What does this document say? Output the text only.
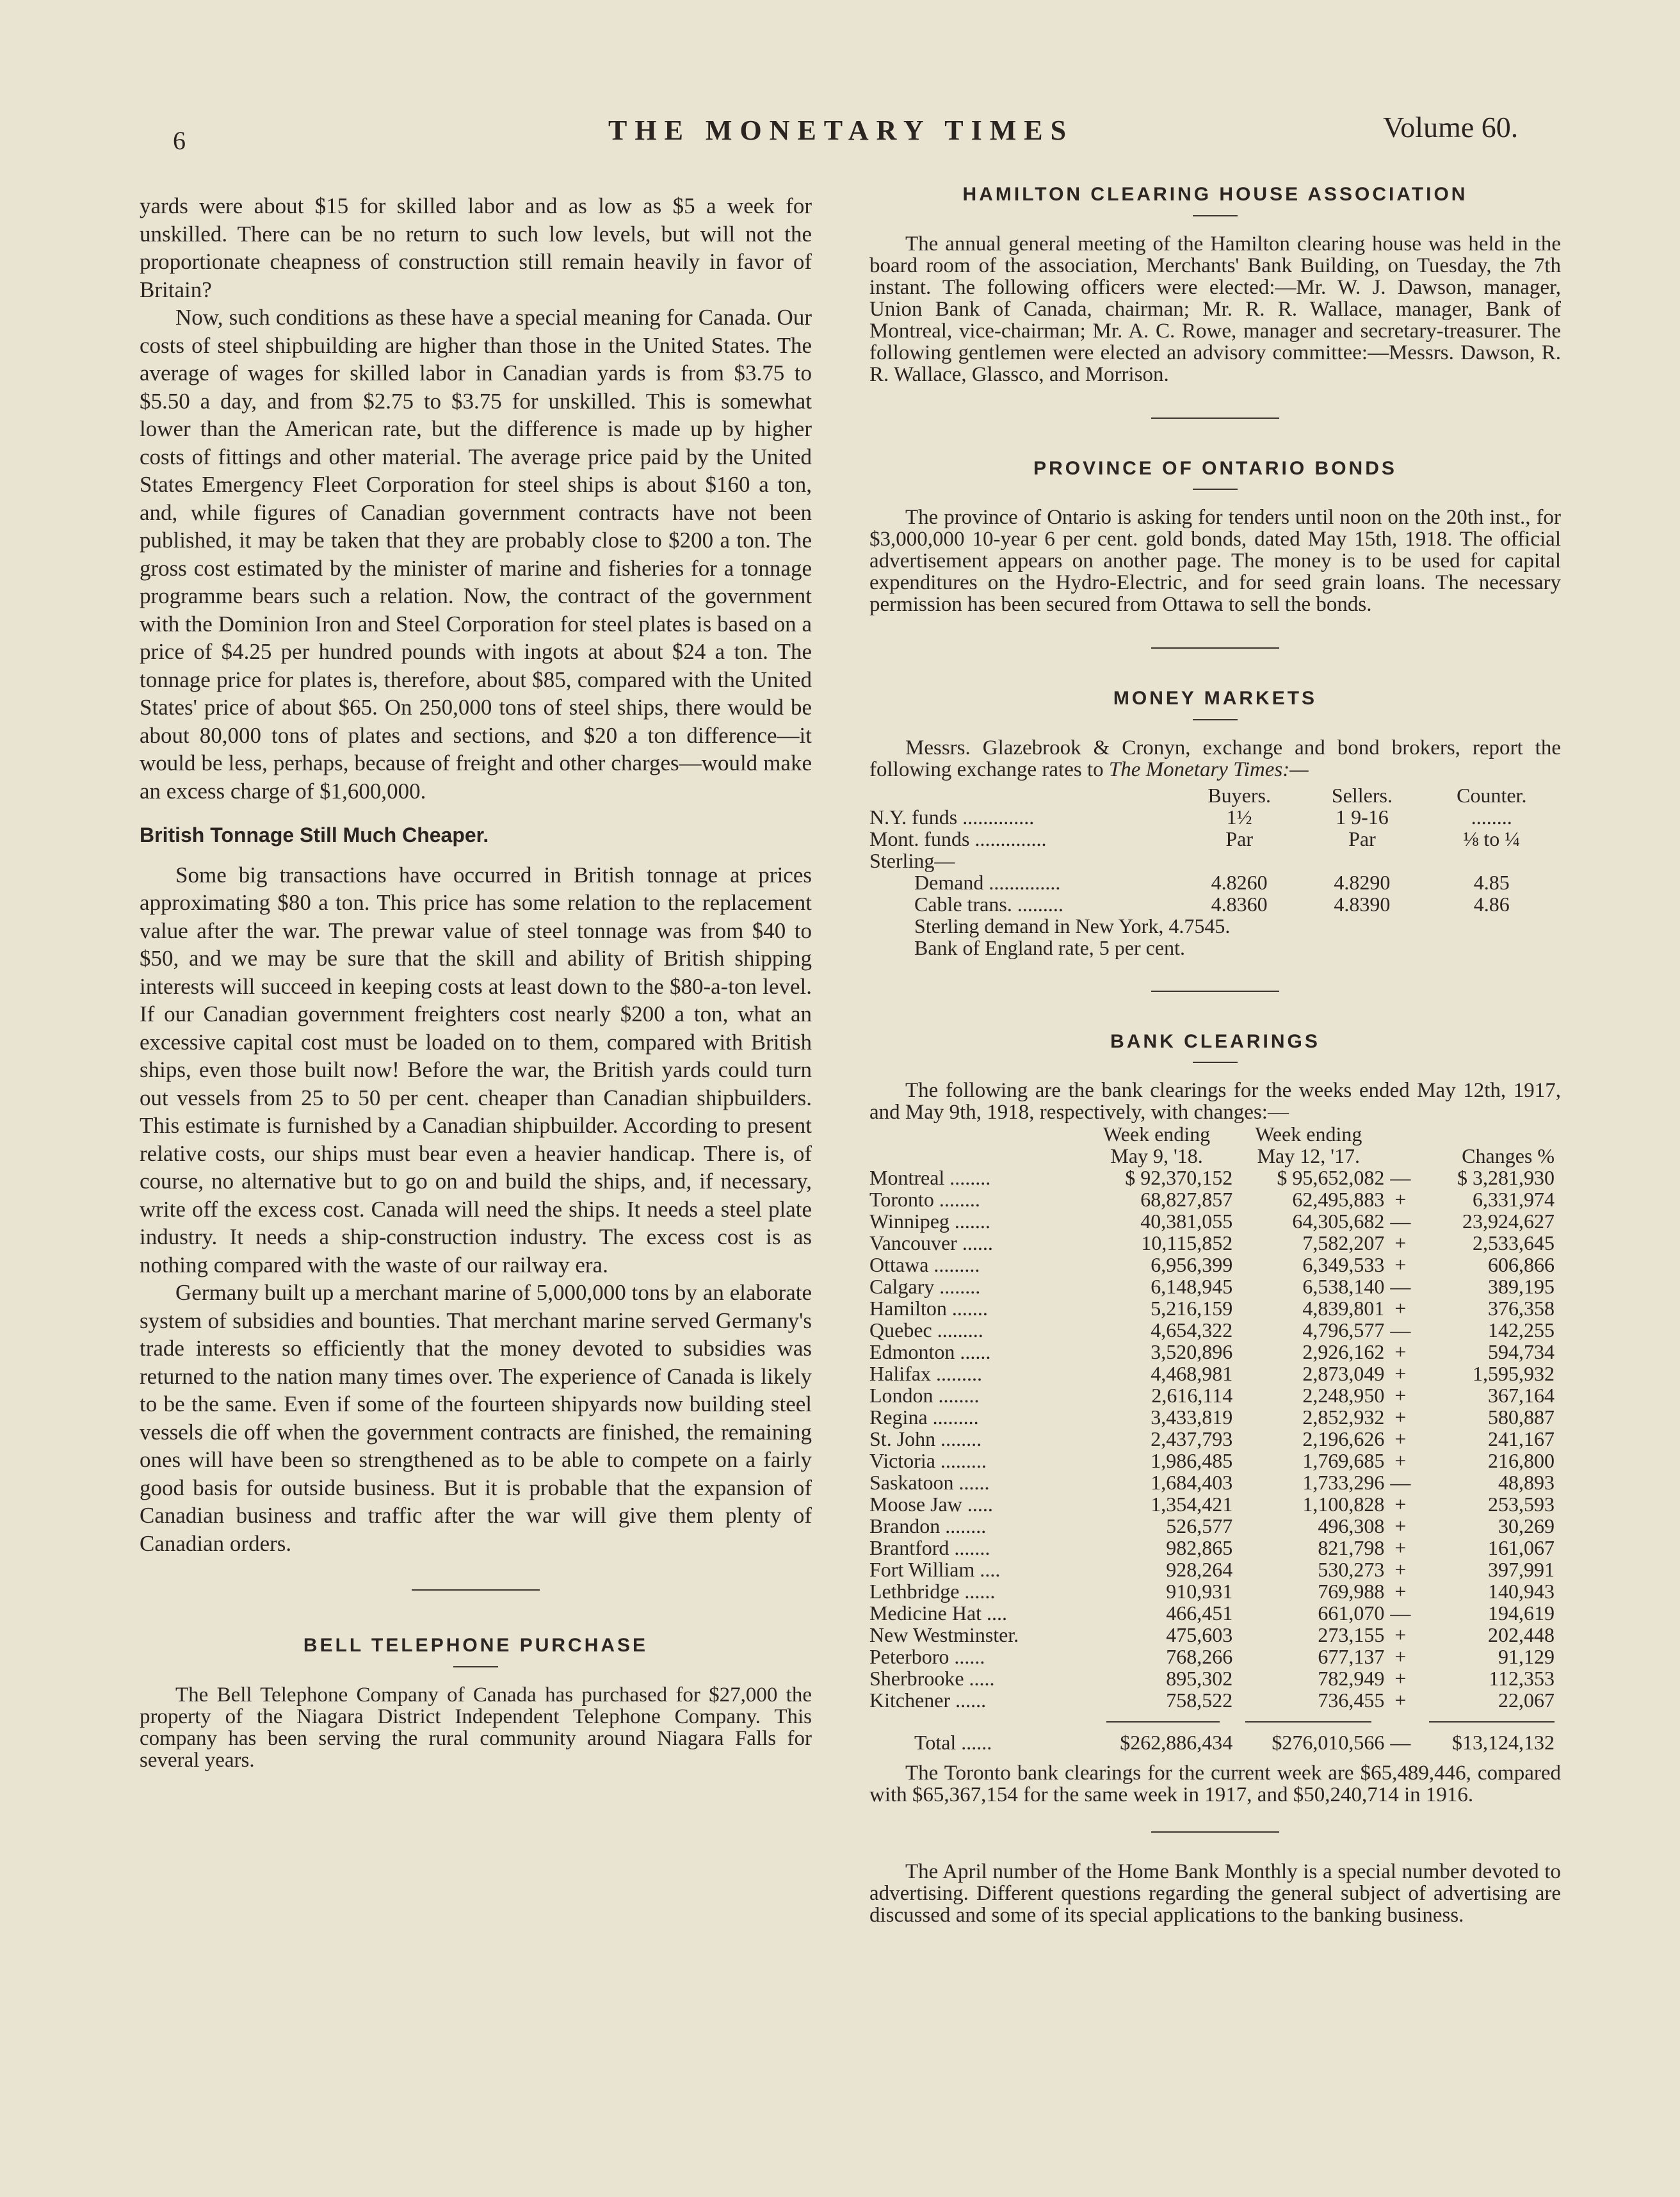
6	THE MONETARY TIMES	Volume 60.

yards were about $15 for skilled labor and as low as $5 a week for unskilled. There can be no return to such low levels, but will not the proportionate cheapness of construction still remain heavily in favor of Britain?

Now, such conditions as these have a special meaning for Canada. Our costs of steel shipbuilding are higher than those in the United States. The average of wages for skilled labor in Canadian yards is from $3.75 to $5.50 a day, and from $2.75 to $3.75 for unskilled. This is somewhat lower than the American rate, but the difference is made up by higher costs of fittings and other material. The average price paid by the United States Emergency Fleet Corporation for steel ships is about $160 a ton, and, while figures of Canadian government contracts have not been published, it may be taken that they are probably close to $200 a ton. The gross cost estimated by the minister of marine and fisheries for a tonnage programme bears such a relation. Now, the contract of the government with the Dominion Iron and Steel Corporation for steel plates is based on a price of $4.25 per hundred pounds with ingots at about $24 a ton. The tonnage price for plates is, therefore, about $85, compared with the United States' price of about $65. On 250,000 tons of steel ships, there would be about 80,000 tons of plates and sections, and $20 a ton difference—it would be less, perhaps, because of freight and other charges—would make an excess charge of $1,600,000.

British Tonnage Still Much Cheaper.

Some big transactions have occurred in British tonnage at prices approximating $80 a ton. This price has some relation to the replacement value after the war. The prewar value of steel tonnage was from $40 to $50, and we may be sure that the skill and ability of British shipping interests will succeed in keeping costs at least down to the $80-a-ton level. If our Canadian government freighters cost nearly $200 a ton, what an excessive capital cost must be loaded on to them, compared with British ships, even those built now! Before the war, the British yards could turn out vessels from 25 to 50 per cent. cheaper than Canadian shipbuilders. This estimate is furnished by a Canadian shipbuilder. According to present relative costs, our ships must bear even a heavier handicap. There is, of course, no alternative but to go on and build the ships, and, if necessary, write off the excess cost. Canada will need the ships. It needs a steel plate industry. It needs a ship-construction industry. The excess cost is as nothing compared with the waste of our railway era.

Germany built up a merchant marine of 5,000,000 tons by an elaborate system of subsidies and bounties. That merchant marine served Germany's trade interests so efficiently that the money devoted to subsidies was returned to the nation many times over. The experience of Canada is likely to be the same. Even if some of the fourteen shipyards now building steel vessels die off when the government contracts are finished, the remaining ones will have been so strengthened as to be able to compete on a fairly good basis for outside business. But it is probable that the expansion of Canadian business and traffic after the war will give them plenty of Canadian orders.

BELL TELEPHONE PURCHASE

The Bell Telephone Company of Canada has purchased for $27,000 the property of the Niagara District Independent Telephone Company. This company has been serving the rural community around Niagara Falls for several years.

HAMILTON CLEARING HOUSE ASSOCIATION

The annual general meeting of the Hamilton clearing house was held in the board room of the association, Merchants' Bank Building, on Tuesday, the 7th instant. The following officers were elected:—Mr. W. J. Dawson, manager, Union Bank of Canada, chairman; Mr. R. R. Wallace, manager, Bank of Montreal, vice-chairman; Mr. A. C. Rowe, manager and secretary-treasurer. The following gentlemen were elected an advisory committee:—Messrs. Dawson, R. R. Wallace, Glassco, and Morrison.

PROVINCE OF ONTARIO BONDS

The province of Ontario is asking for tenders until noon on the 20th inst., for $3,000,000 10-year 6 per cent. gold bonds, dated May 15th, 1918. The official advertisement appears on another page. The money is to be used for capital expenditures on the Hydro-Electric, and for seed grain loans. The necessary permission has been secured from Ottawa to sell the bonds.

MONEY MARKETS

Messrs. Glazebrook & Cronyn, exchange and bond brokers, report the following exchange rates to The Monetary Times:—

	Buyers.	Sellers.	Counter.
N.Y. funds ..............	1½	1 9-16	........
Mont. funds ..............	Par	Par	⅛ to ¼
Sterling—			
Demand ..............	4.8260	4.8290	4.85
Cable trans. .........	4.8360	4.8390	4.86
Sterling demand in New York, 4.7545.			
Bank of England rate, 5 per cent.			
BANK CLEARINGS

The following are the bank clearings for the weeks ended May 12th, 1917, and May 9th, 1918, respectively, with changes:—

	Week ending	Week ending		
	May 9, '18.	May 12, '17.	Changes %	
Montreal ........	$ 92,370,152	$ 95,652,082	—	$ 3,281,930
Toronto ........	68,827,857	62,495,883	+	6,331,974
Winnipeg .......	40,381,055	64,305,682	—	23,924,627
Vancouver ......	10,115,852	7,582,207	+	2,533,645
Ottawa .........	6,956,399	6,349,533	+	606,866
Calgary ........	6,148,945	6,538,140	—	389,195
Hamilton .......	5,216,159	4,839,801	+	376,358
Quebec .........	4,654,322	4,796,577	—	142,255
Edmonton ......	3,520,896	2,926,162	+	594,734
Halifax .........	4,468,981	2,873,049	+	1,595,932
London ........	2,616,114	2,248,950	+	367,164
Regina .........	3,433,819	2,852,932	+	580,887
St. John ........	2,437,793	2,196,626	+	241,167
Victoria .........	1,986,485	1,769,685	+	216,800
Saskatoon ......	1,684,403	1,733,296	—	48,893
Moose Jaw .....	1,354,421	1,100,828	+	253,593
Brandon ........	526,577	496,308	+	30,269
Brantford .......	982,865	821,798	+	161,067
Fort William ....	928,264	530,273	+	397,991
Lethbridge ......	910,931	769,988	+	140,943
Medicine Hat ....	466,451	661,070	—	194,619
New Westminster.	475,603	273,155	+	202,448
Peterboro ......	768,266	677,137	+	91,129
Sherbrooke .....	895,302	782,949	+	112,353
Kitchener ......	758,522	736,455	+	22,067

Total ......	$262,886,434	$276,010,566	—	$13,124,132

The Toronto bank clearings for the current week are $65,489,446, compared with $65,367,154 for the same week in 1917, and $50,240,714 in 1916.

The April number of the Home Bank Monthly is a special number devoted to advertising. Different questions regarding the general subject of advertising are discussed and some of its special applications to the banking business.
